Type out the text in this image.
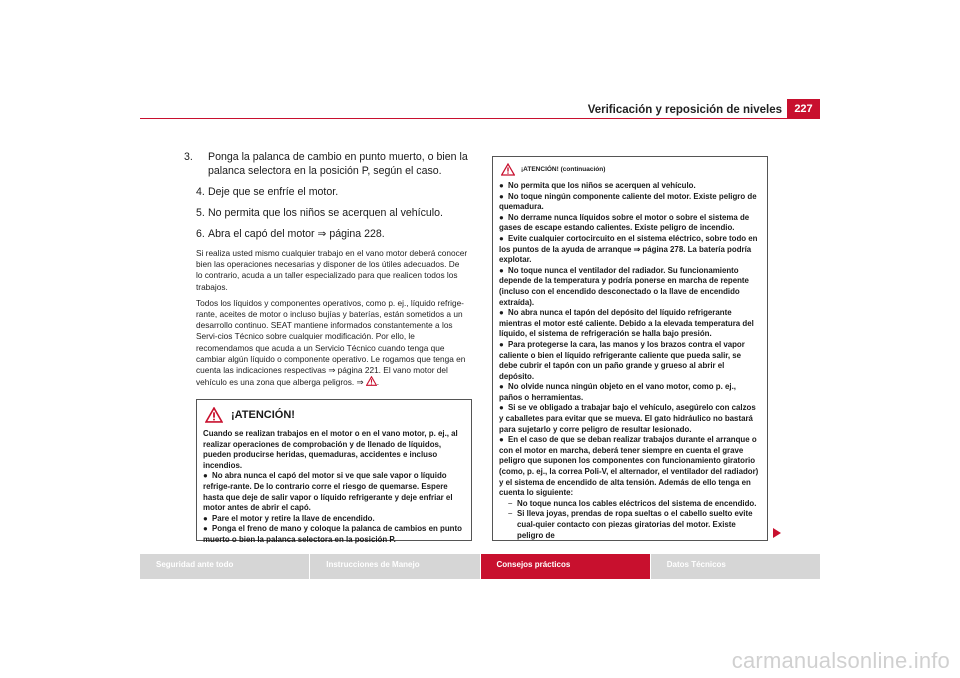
Verificación y reposición de niveles	227
3. Ponga la palanca de cambio en punto muerto, o bien la palanca selectora en la posición P, según el caso.
4. Deje que se enfríe el motor.
5. No permita que los niños se acerquen al vehículo.
6. Abra el capó del motor ⇒ página 228.

Si realiza usted mismo cualquier trabajo en el vano motor deberá conocer bien las operaciones necesarias y disponer de los útiles adecuados. De lo contrario, acuda a un taller especializado para que realicen todos los trabajos.

Todos los líquidos y componentes operativos, como p. ej., líquido refrige-rante, aceites de motor o incluso bujías y baterías, están sometidos a un desarrollo continuo. SEAT mantiene informados constantemente a los Servi-cios Técnico sobre cualquier modificación. Por ello, le recomendamos que acuda a un Servicio Técnico cuando tenga que cambiar algún líquido o componente operativo. Le rogamos que tenga en cuenta las indicaciones respectivas ⇒ página 221. El vano motor del vehículo es una zona que alberga peligros. ⇒ .

¡ATENCIÓN!

Cuando se realizan trabajos en el motor o en el vano motor, p. ej., al realizar operaciones de comprobación y de llenado de líquidos, pueden producirse heridas, quemaduras, accidentes e incluso incendios.

● No abra nunca el capó del motor si ve que sale vapor o líquido refrige-rante. De lo contrario corre el riesgo de quemarse. Espere hasta que deje de salir vapor o líquido refrigerante y deje enfriar el motor antes de abrir el capó.

● Pare el motor y retire la llave de encendido.

● Ponga el freno de mano y coloque la palanca de cambios en punto muerto o bien la palanca selectora en la posición P.

¡ATENCIÓN! (continuación)

● No permita que los niños se acerquen al vehículo.

● No toque ningún componente caliente del motor. Existe peligro de quemadura.

● No derrame nunca líquidos sobre el motor o sobre el sistema de gases de escape estando calientes. Existe peligro de incendio.

● Evite cualquier cortocircuito en el sistema eléctrico, sobre todo en los puntos de la ayuda de arranque ⇒ página 278. La batería podría explotar.

● No toque nunca el ventilador del radiador. Su funcionamiento depende de la temperatura y podría ponerse en marcha de repente (incluso con el encendido desconectado o la llave de encendido extraída).

● No abra nunca el tapón del depósito del líquido refrigerante mientras el motor esté caliente. Debido a la elevada temperatura del líquido, el sistema de refrigeración se halla bajo presión.

● Para protegerse la cara, las manos y los brazos contra el vapor caliente o bien el líquido refrigerante caliente que pueda salir, se debe cubrir el tapón con un paño grande y grueso al abrir el depósito.

● No olvide nunca ningún objeto en el vano motor, como p. ej., paños o herramientas.

● Si se ve obligado a trabajar bajo el vehículo, asegúrelo con calzos y caballetes para evitar que se mueva. El gato hidráulico no bastará para sujetarlo y corre peligro de resultar lesionado.

● En el caso de que se deban realizar trabajos durante el arranque o con el motor en marcha, deberá tener siempre en cuenta el grave peligro que suponen los componentes con funcionamiento giratorio (como, p. ej., la correa Poli-V, el alternador, el ventilador del radiador) y el sistema de encendido de alta tensión. Además de ello tenga en cuenta lo siguiente:

– No toque nunca los cables eléctricos del sistema de encendido.

– Si lleva joyas, prendas de ropa sueltas o el cabello suelto evite cual-quier contacto con piezas giratorias del motor. Existe peligro de

Seguridad ante todo	Instrucciones de Manejo	Consejos prácticos	Datos Técnicos
carmanualsonline.info
